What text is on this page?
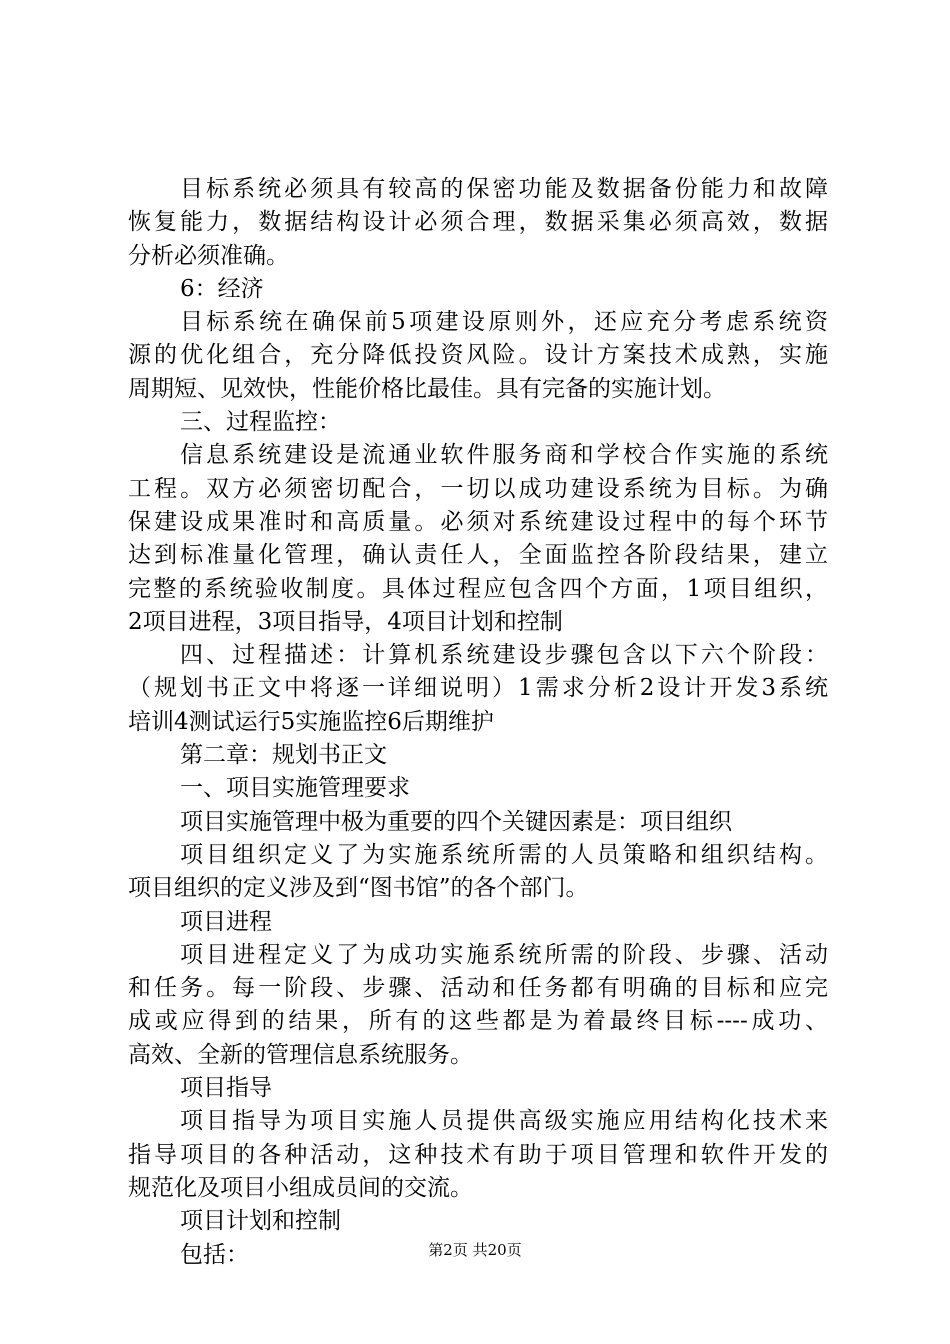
目标系统必须具有较高的保密功能及数据备份能力和故障
恢复能力，数据结构设计必须合理，数据采集必须高效，数据
分析必须准确。
6：经济
目标系统在确保前5项建设原则外，还应充分考虑系统资
源的优化组合，充分降低投资风险。设计方案技术成熟，实施
周期短、见效快，性能价格比最佳。具有完备的实施计划。
三、过程监控：
信息系统建设是流通业软件服务商和学校合作实施的系统
工程。双方必须密切配合，一切以成功建设系统为目标。为确
保建设成果准时和高质量。必须对系统建设过程中的每个环节
达到标准量化管理，确认责任人，全面监控各阶段结果，建立
完整的系统验收制度。具体过程应包含四个方面，1项目组织，
2项目进程，3项目指导，4项目计划和控制
四、过程描述：计算机系统建设步骤包含以下六个阶段：
（规划书正文中将逐一详细说明）1需求分析2设计开发3系统
培训4测试运行5实施监控6后期维护
第二章：规划书正文
一、项目实施管理要求
项目实施管理中极为重要的四个关键因素是：项目组织
项目组织定义了为实施系统所需的人员策略和组织结构。
项目组织的定义涉及到“图书馆”的各个部门。
项目进程
项目进程定义了为成功实施系统所需的阶段、步骤、活动
和任务。每一阶段、步骤、活动和任务都有明确的目标和应完
成或应得到的结果，所有的这些都是为着最终目标----成功、
高效、全新的管理信息系统服务。
项目指导
项目指导为项目实施人员提供高级实施应用结构化技术来
指导项目的各种活动，这种技术有助于项目管理和软件开发的
规范化及项目小组成员间的交流。
项目计划和控制
包括：	第2页 共20页
